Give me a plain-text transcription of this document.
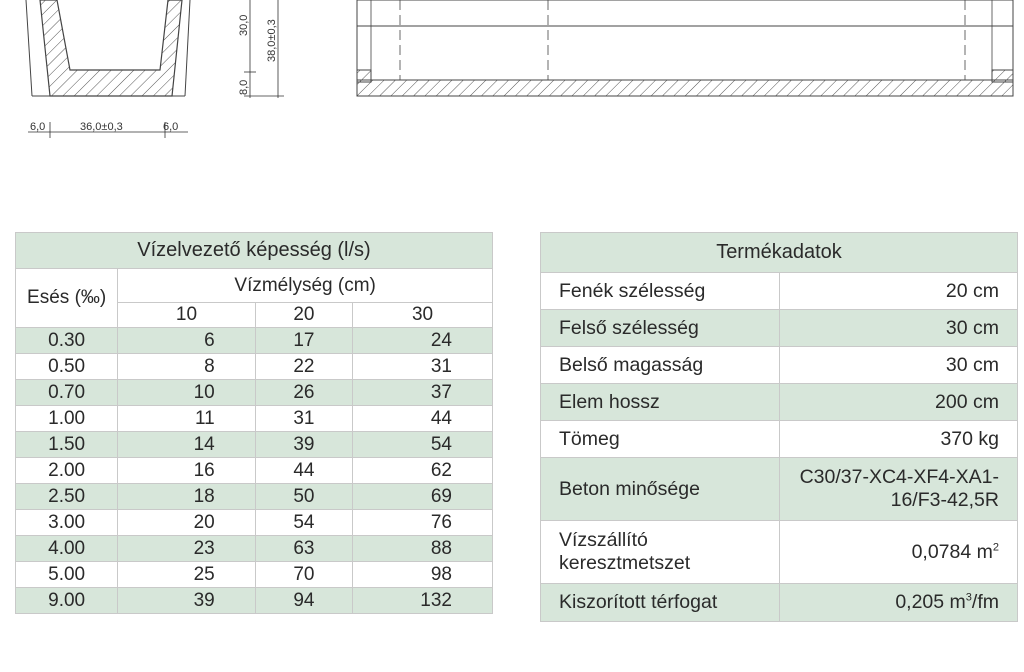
6,0	36,0±0,3	6,0
30,0
8,0
38,0±0,3
Vízelvezető képesség (l/s)			
Esés (‰)	Vízmélység (cm)		
	10	20	30
0.30	6	17	24
0.50	8	22	31
0.70	10	26	37
1.00	11	31	44
1.50	14	39	54
2.00	16	44	62
2.50	18	50	69
3.00	20	54	76
4.00	23	63	88
5.00	25	70	98
9.00	39	94	132
Termékadatok	
Fenék szélesség	20 cm
Felső szélesség	30 cm
Belső magasság	30 cm
Elem hossz	200 cm
Tömeg	370 kg
Beton minősége	C30/37-XC4-XF4-XA1-16/F3-42,5R
Vízszállító keresztmetszet	0,0784 $m^2$
Kiszorított térfogat	0,205 $m^3/fm$
